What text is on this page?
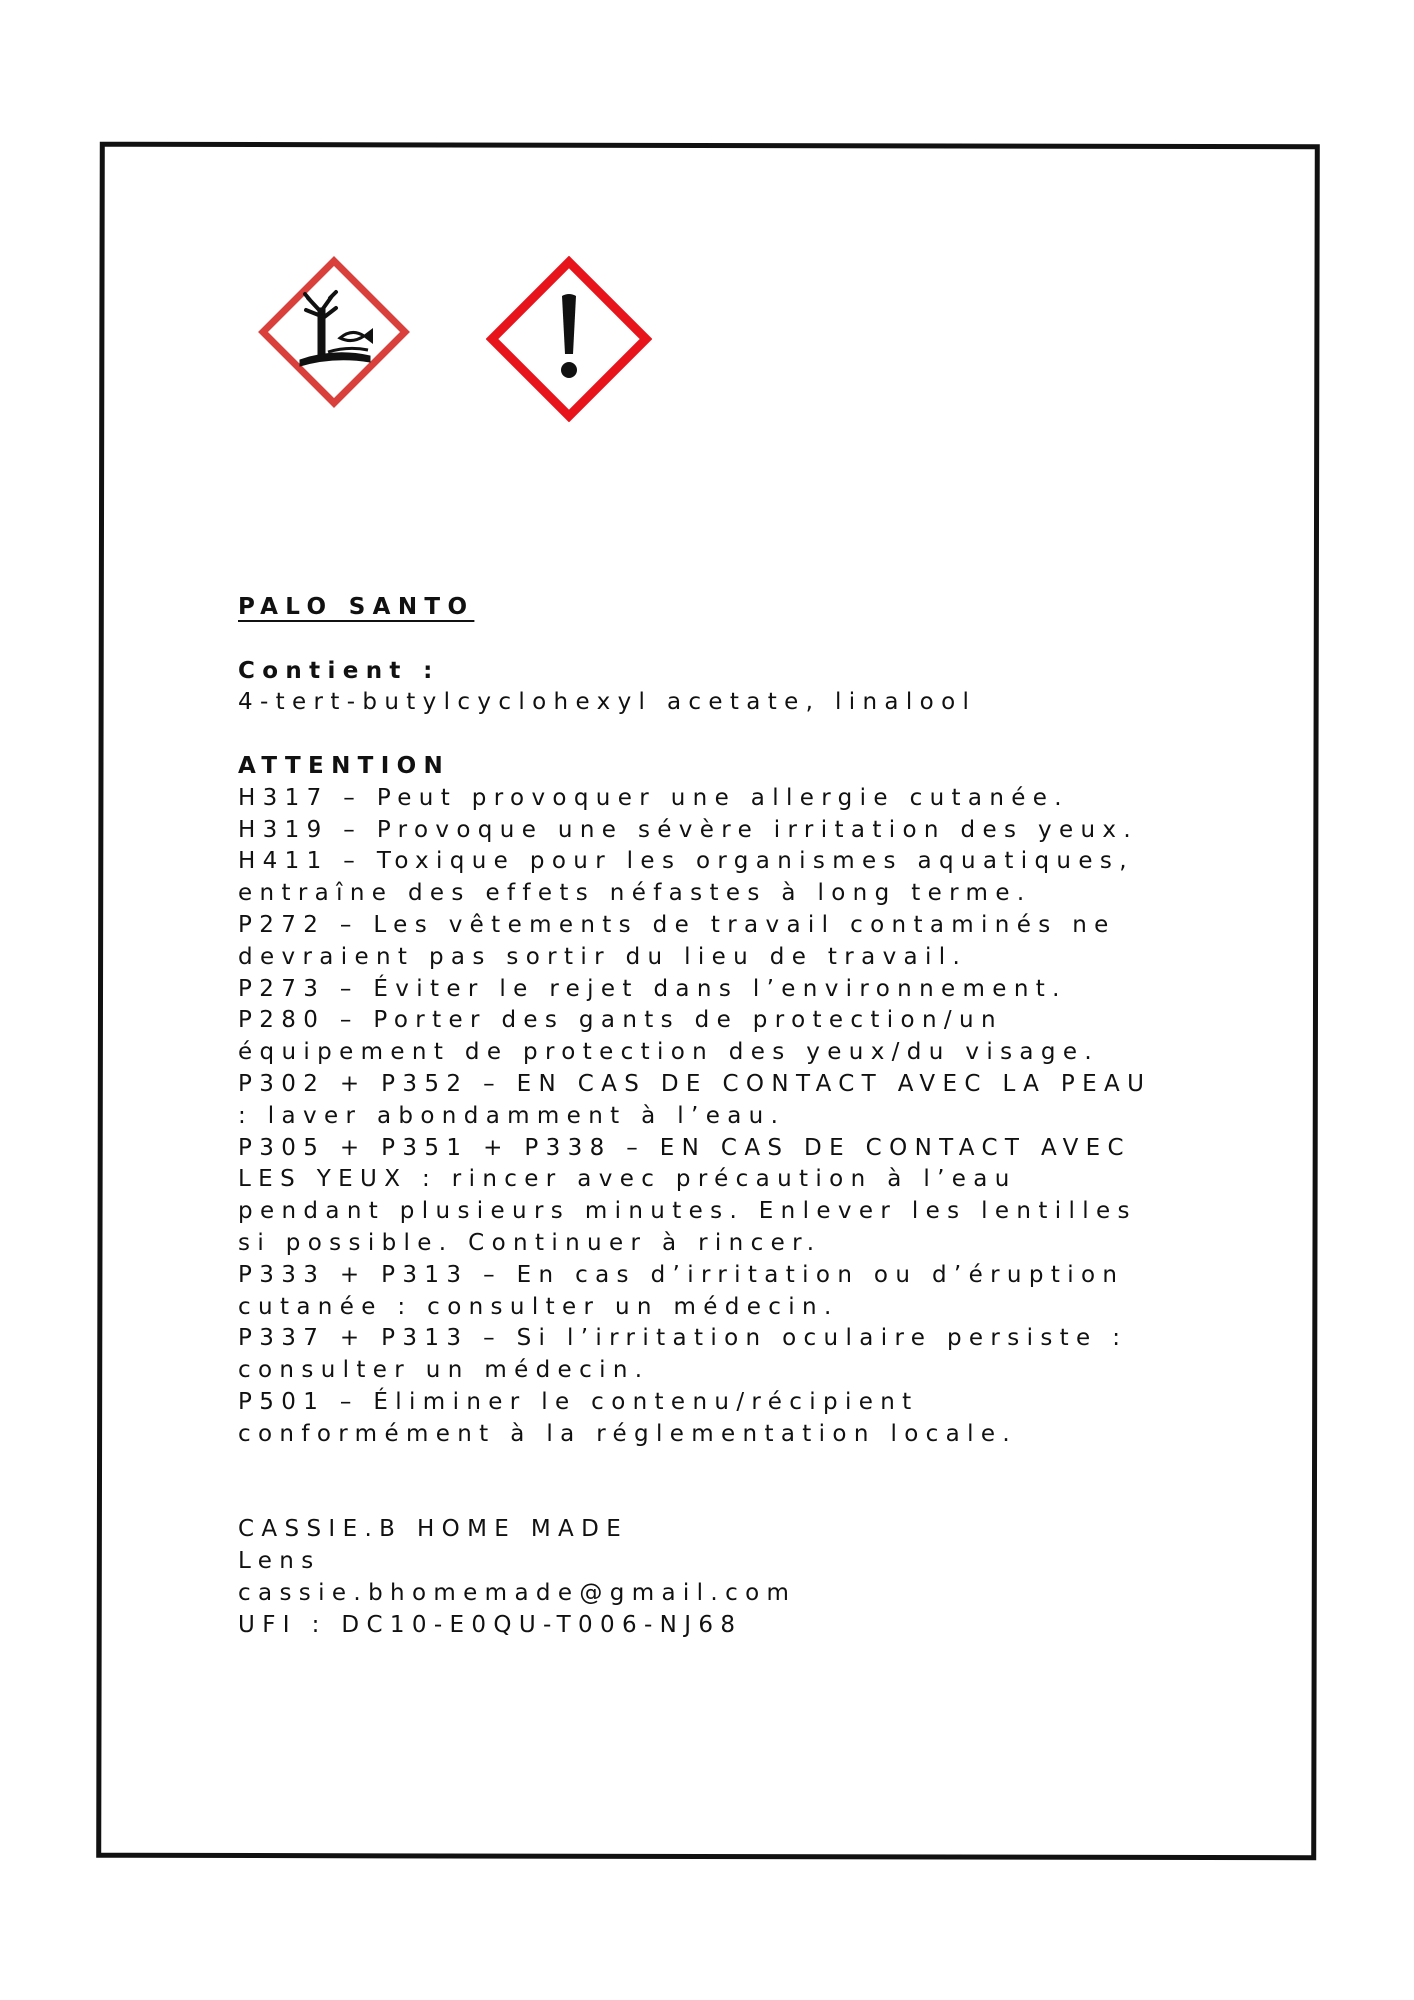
PALO SANTO

Contient :

4-tert-butylcyclohexyl acetate, linalool

ATTENTION

H317 – Peut provoquer une allergie cutanée.

H319 – Provoque une sévère irritation des yeux.

H411 – Toxique pour les organismes aquatiques,

entraîne des effets néfastes à long terme.

P272 – Les vêtements de travail contaminés ne

devraient pas sortir du lieu de travail.

P273 – Éviter le rejet dans l’environnement.

P280 – Porter des gants de protection/un

équipement de protection des yeux/du visage.

P302 + P352 – EN CAS DE CONTACT AVEC LA PEAU

: laver abondamment à l’eau.

P305 + P351 + P338 – EN CAS DE CONTACT AVEC

LES YEUX : rincer avec précaution à l’eau

pendant plusieurs minutes. Enlever les lentilles

si possible. Continuer à rincer.

P333 + P313 – En cas d’irritation ou d’éruption

cutanée : consulter un médecin.

P337 + P313 – Si l’irritation oculaire persiste :

consulter un médecin.

P501 – Éliminer le contenu/récipient

conformément à la réglementation locale.

CASSIE.B HOME MADE

Lens

cassie.bhomemade@gmail.com

UFI : DC10-E0QU-T006-NJ68
